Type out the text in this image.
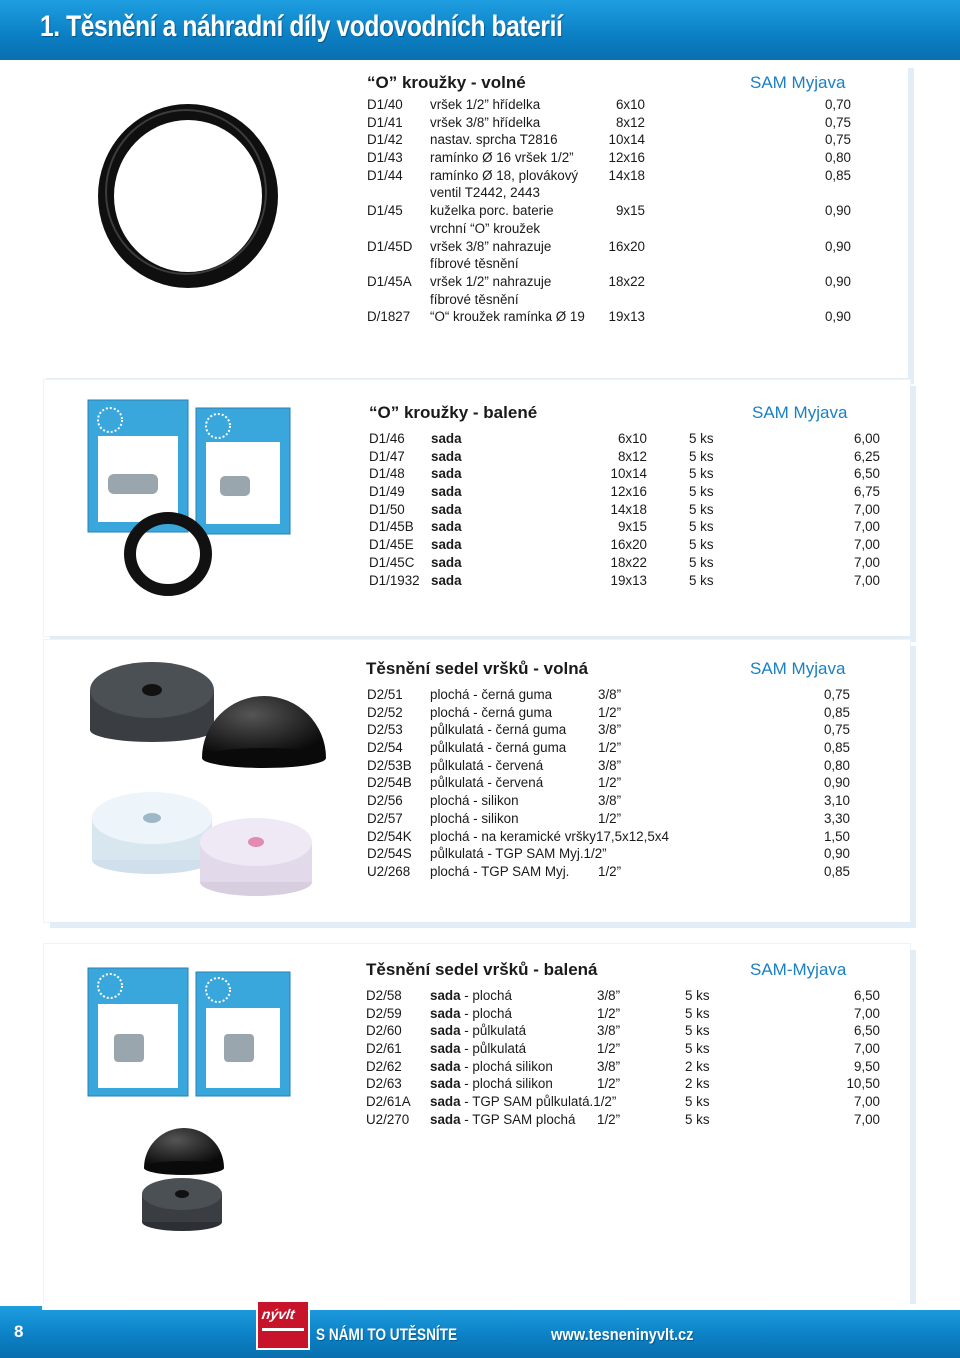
1. Těsnění a náhradní díly vodovodních baterií
“O” kroužky - volné	SAM Myjava
D1/40 vršek 1/2” hřídelka	6x10	0,70
D1/41 vršek 3/8” hřídelka	8x12	0,75
D1/42 nastav. sprcha T2816	10x14	0,75
D1/43 ramínko Ø 16 vršek 1/2”	12x16	0,80
D1/44 ramínko Ø 18, plovákový 14x18	0,85
ventil T2442, 2443
D1/45 kuželka porc. baterie	9x15	0,90
vrchní “O” kroužek
D1/45D vršek 3/8” nahrazuje	16x20	0,90
fíbrové těsnění
D1/45A vršek 1/2” nahrazuje	18x22	0,90
fíbrové těsnění
D/1827 “O“ kroužek ramínka Ø 19 19x13	0,90
“O” kroužky - balené	SAM Myjava
D1/46 sada	6x10	5 ks	6,00
D1/47 sada	8x12	5 ks	6,25
D1/48 sada	10x14	5 ks	6,50
D1/49 sada	12x16	5 ks	6,75
D1/50 sada	14x18	5 ks	7,00
D1/45B sada	9x15	5 ks	7,00
D1/45E sada	16x20	5 ks	7,00
D1/45C sada	18x22	5 ks	7,00
D1/1932 sada	19x13	5 ks	7,00
Těsnění sedel vršků - volná	SAM Myjava
D2/51 plochá - černá guma	3/8”	0,75
D2/52 plochá - černá guma	1/2”	0,85
D2/53 půlkulatá - černá guma 3/8”	0,75
D2/54 půlkulatá - černá guma 1/2”	0,85
D2/53B půlkulatá - červená	3/8”	0,80
D2/54B půlkulatá - červená	1/2”	0,90
D2/56 plochá - silikon	3/8”	3,10
D2/57 plochá - silikon	1/2”	3,30
D2/54K plochá - na keramické vršky17,5x12,5x4	1,50
D2/54S půlkulatá - TGP SAM Myj.1/2”	0,90
U2/268 plochá - TGP SAM Myj. 1/2”	0,85
Těsnění sedel vršků - balená	SAM-Myjava
D2/58 sada - plochá	3/8”	5 ks	6,50
D2/59 sada - plochá	1/2”	5 ks	7,00
D2/60 sada - půlkulatá	3/8”	5 ks	6,50
D2/61 sada - půlkulatá	1/2”	5 ks	7,00
D2/62 sada - plochá silikon	3/8”	2 ks	9,50
D2/63 sada - plochá silikon	1/2”	2 ks	10,50
D2/61A sada - TGP SAM půlkulatá.1/2”	5 ks	7,00
U2/270 sada - TGP SAM plochá 1/2”	5 ks	7,00
8
nývlt
S NÁMI TO UTĚSNÍTE	www.tesneninyvlt.cz
